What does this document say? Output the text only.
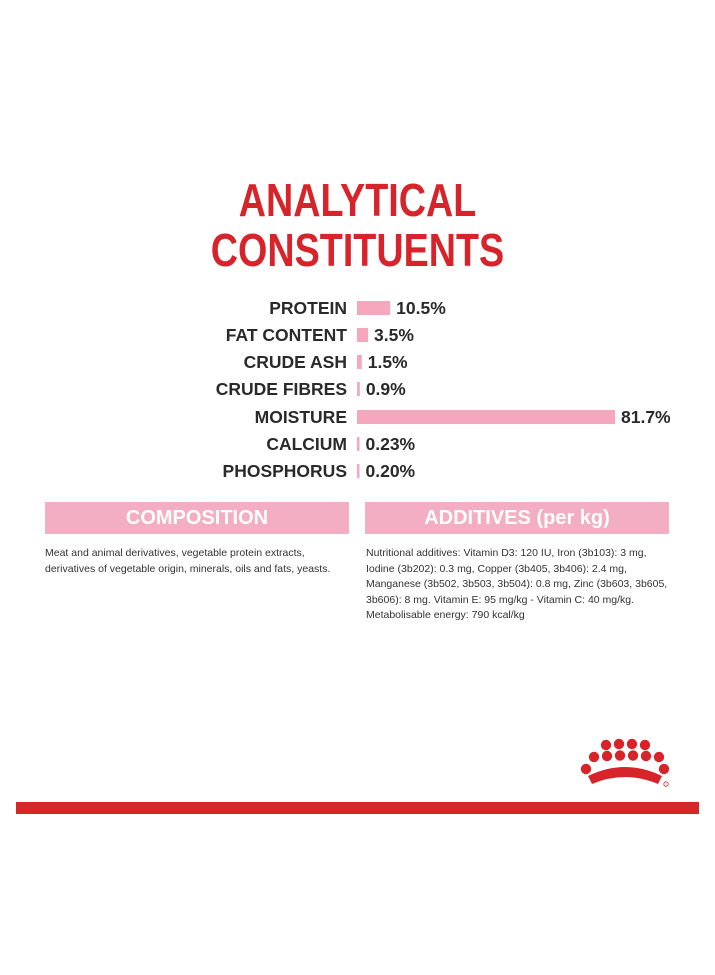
ANALYTICAL
CONSTITUENTS
PROTEIN	10.5%
FAT CONTENT 3.5%
CRUDE ASH 1.5%
CRUDE FIBRES 0.9%
MOISTURE	81.7%
CALCIUM 0.23%
PHOSPHORUS 0.20%
COMPOSITION	ADDITIVES (per kg)
Meat and animal derivatives, vegetable protein extracts, derivatives of vegetable origin, minerals, oils and fats, yeasts.
Nutritional additives: Vitamin D3: 120 IU, Iron (3b103): 3 mg, Iodine (3b202): 0.3 mg, Copper (3b405, 3b406): 2.4 mg, Manganese (3b502, 3b503, 3b504): 0.8 mg, Zinc (3b603, 3b605, 3b606): 8 mg. Vitamin E: 95 mg/kg - Vitamin C: 40 mg/kg. Metabolisable energy: 790 kcal/kg
